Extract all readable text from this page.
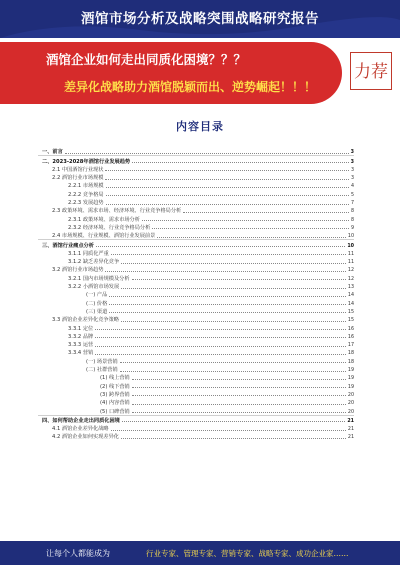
酒馆市场分析及战略突围战略研究报告
酒馆企业如何走出同质化困境？？？
差异化战略助力酒馆脱颖而出、逆势崛起！！！
力荐
内容目录
一、前言	3
二、2023-2028年酒馆行业发展趋势	3
2.1 中国酒馆行业现状	3
2.2 酒馆行业市场规模	3
2.2.1 市场规模	4
2.2.2 竞争格局	5
2.2.3 发展趋势	7
2.3 政策环境、需求市场、经济环境、行业竞争格局分析	8
2.3.1 政策环境、需求市场分析	8
2.3.2 经济环境、行业竞争格局分析	9
2.4 市场规模、行业规模、酒馆行业发展前景	10
三、酒馆行业痛点分析	10
3.1.1 同质化严重	11
3.1.2 缺乏差异化竞争	11
3.2 酒馆行业市场趋势	12
3.2.1 国内市场规模及分析	12
3.2.2 小酒馆市场发展	13
(一) 产品	14
(二) 价格	14
(三) 渠道	15
3.3 酒馆企业差异化竞争策略	15
3.3.1 定位	16
3.3.2 品牌	16
3.3.3 运营	17
3.3.4 营销	18
(一) 场景营销	18
(二) 社群营销	19
(1) 线上营销	19
(2) 线下营销	19
(3) 跨界营销	20
(4) 内容营销	20
(5) 口碑营销	20
四、如何帮助企业走出同质化困境	21
4.1 酒馆企业差异化战略	21
4.2 酒馆企业如何实现差异化	21
让每个人都能成为	行业专家、管理专家、营销专家、战略专家、成功企业家……
